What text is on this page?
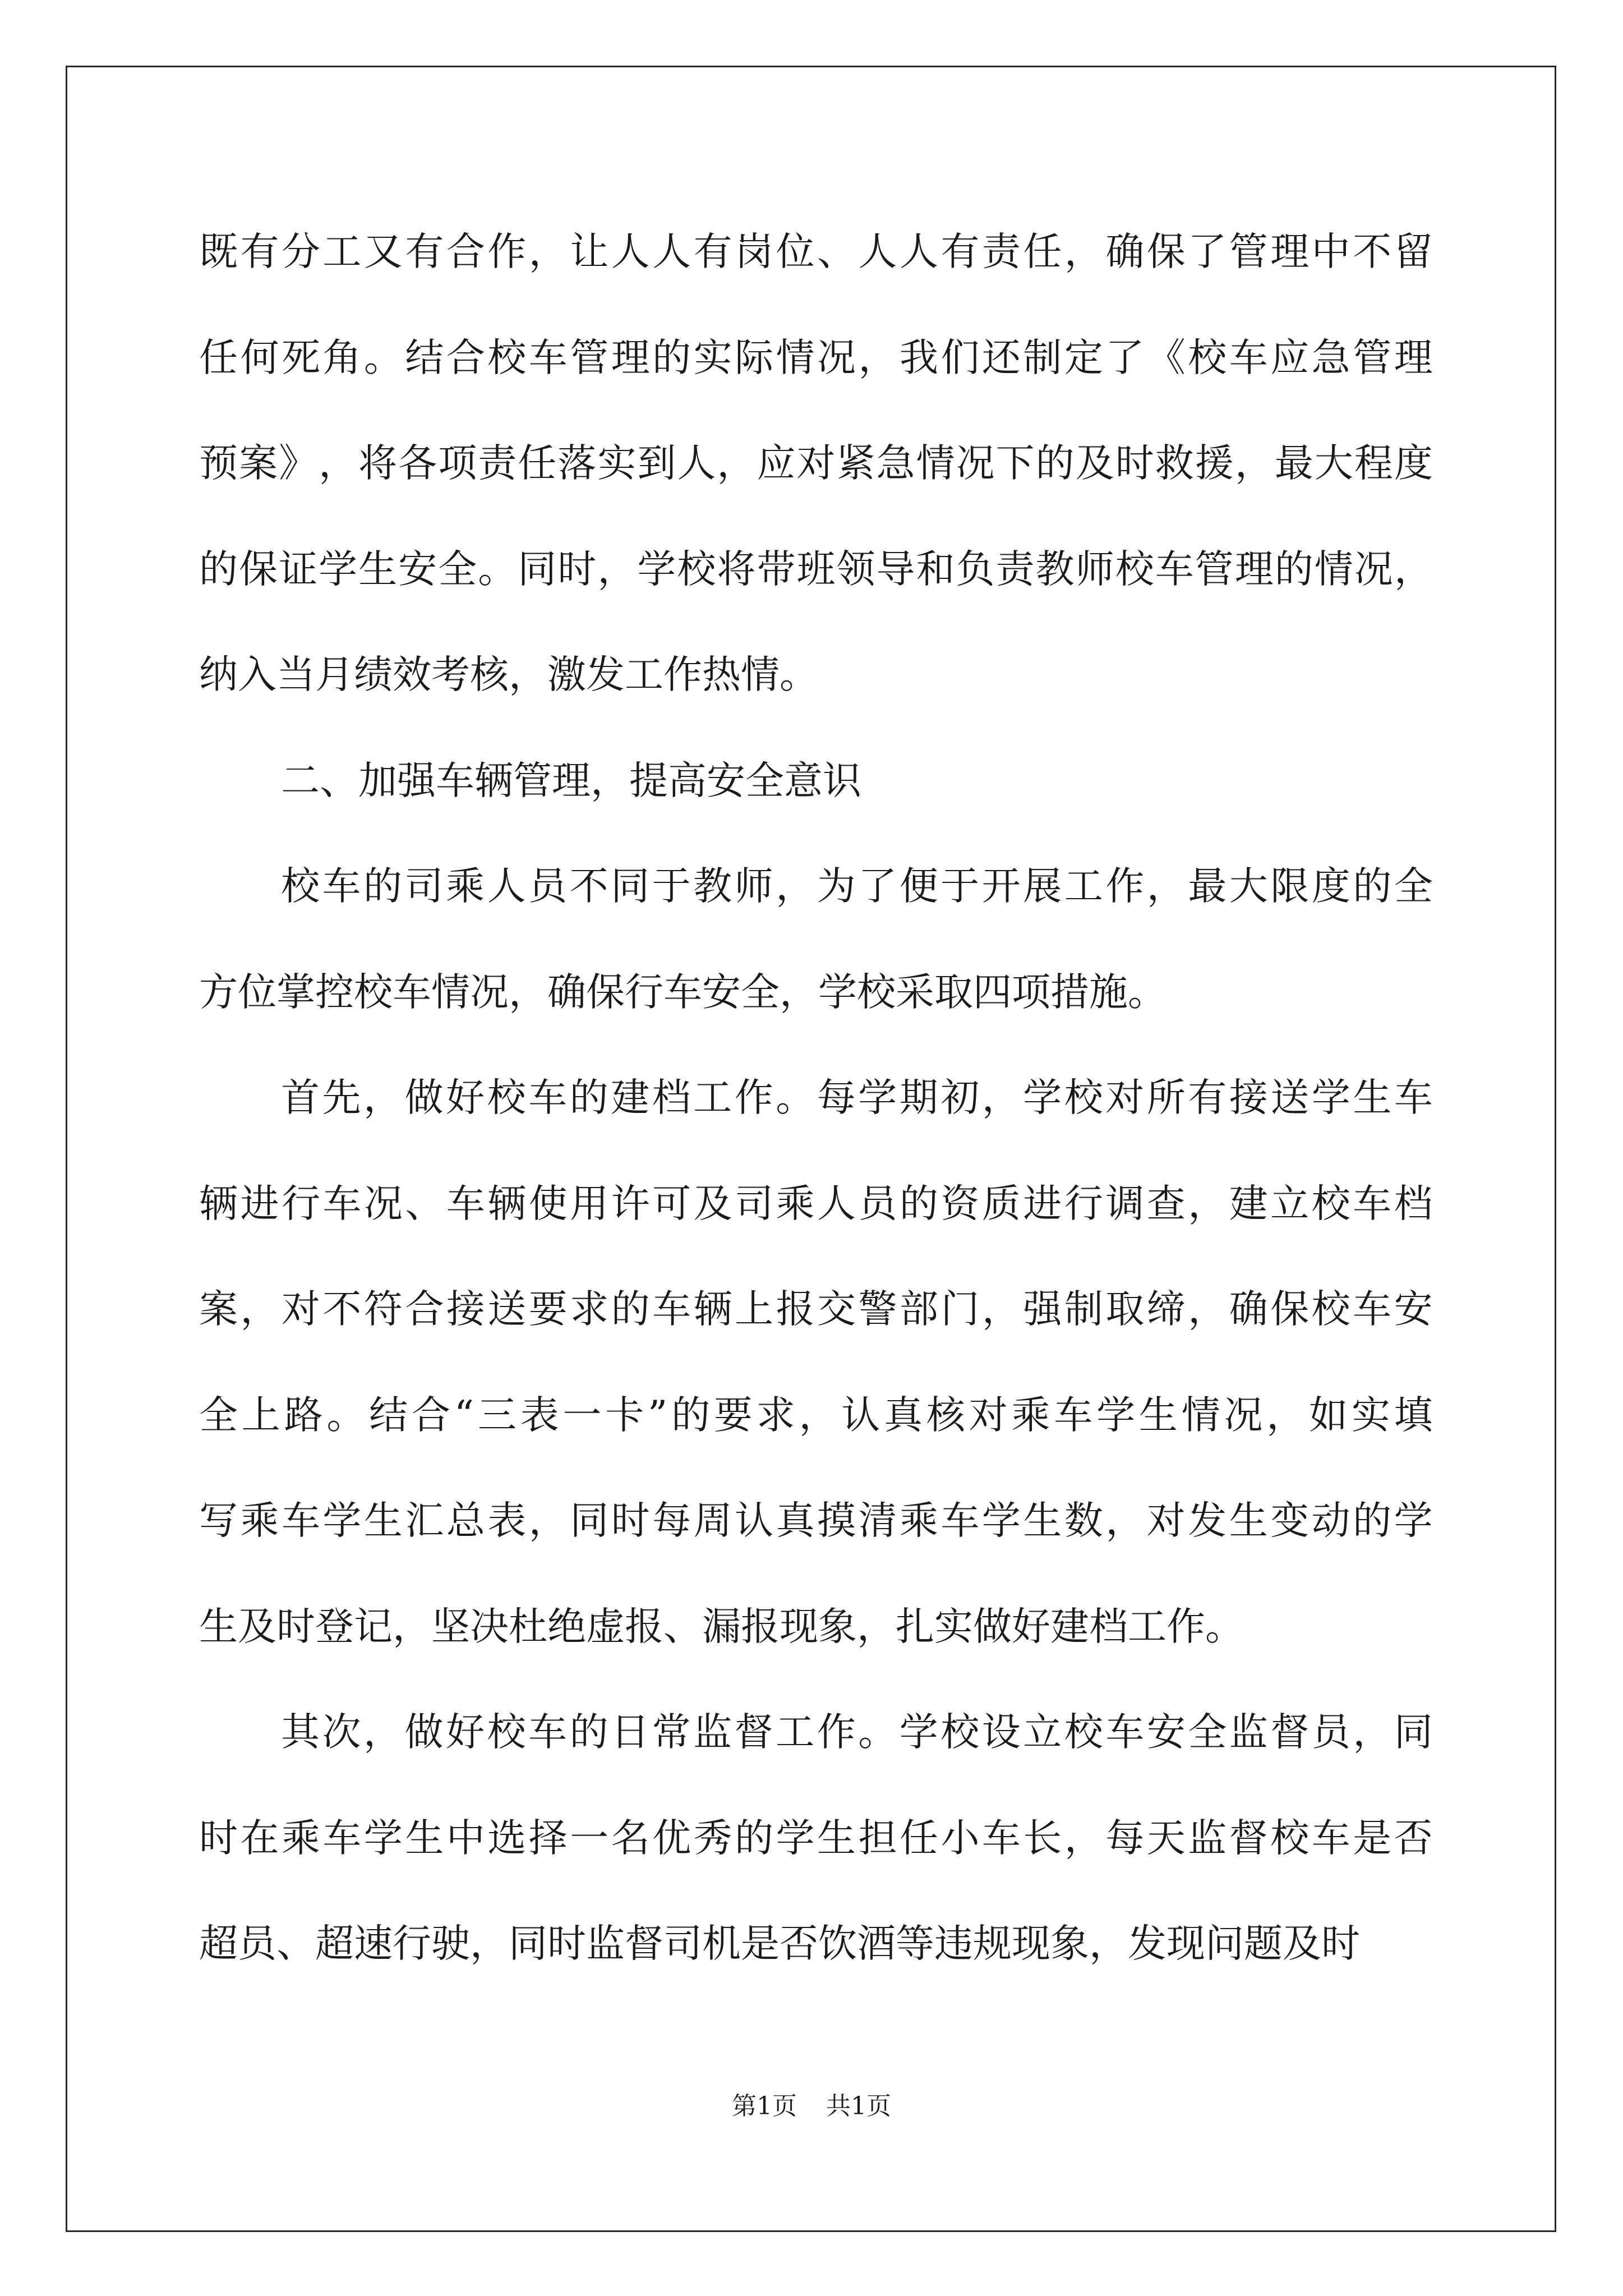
既 有 分 工 又 有 合 作 ， 让 人 人 有 岗 位 、 人 人 有 责 任 ， 确 保 了 管 理 中 不 留
任 何 死 角 。 结 合 校 车 管 理 的 实 际 情 况 ， 我 们 还 制 定 了 《 校 车 应 急 管 理
预 案 》 ， 将 各 项 责 任 落 实 到 人 ， 应 对 紧 急 情 况 下 的 及 时 救 援 ， 最 大 程 度
的 保 证 学 生 安 全 。 同 时 ， 学 校 将 带 班 领 导 和 负 责 教 师 校 车 管 理 的 情 况 ，
纳入当月绩效考核，激发工作热情。
二、加强车辆管理，提高安全意识
校 车 的 司 乘 人 员 不 同 于 教 师 ， 为 了 便 于 开 展 工 作 ， 最 大 限 度 的 全
方位掌控校车情况，确保行车安全，学校采取四项措施。
首 先 ， 做 好 校 车 的 建 档 工 作 。 每 学 期 初 ， 学 校 对 所 有 接 送 学 生 车
辆 进 行 车 况 、 车 辆 使 用 许 可 及 司 乘 人 员 的 资 质 进 行 调 查 ， 建 立 校 车 档
案 ， 对 不 符 合 接 送 要 求 的 车 辆 上 报 交 警 部 门 ， 强 制 取 缔 ， 确 保 校 车 安
全 上 路 。 结 合 “ 三 表 一 卡 ” 的 要 求 ， 认 真 核 对 乘 车 学 生 情 况 ， 如 实 填
写 乘 车 学 生 汇 总 表 ， 同 时 每 周 认 真 摸 清 乘 车 学 生 数 ， 对 发 生 变 动 的 学
生及时登记，坚决杜绝虚报、漏报现象，扎实做好建档工作。
其 次 ， 做 好 校 车 的 日 常 监 督 工 作 。 学 校 设 立 校 车 安 全 监 督 员 ， 同
时 在 乘 车 学 生 中 选 择 一 名 优 秀 的 学 生 担 任 小 车 长 ， 每 天 监 督 校 车 是 否
超员、超速行驶，同时监督司机是否饮酒等违规现象，发现问题及时
第1页 共1页
